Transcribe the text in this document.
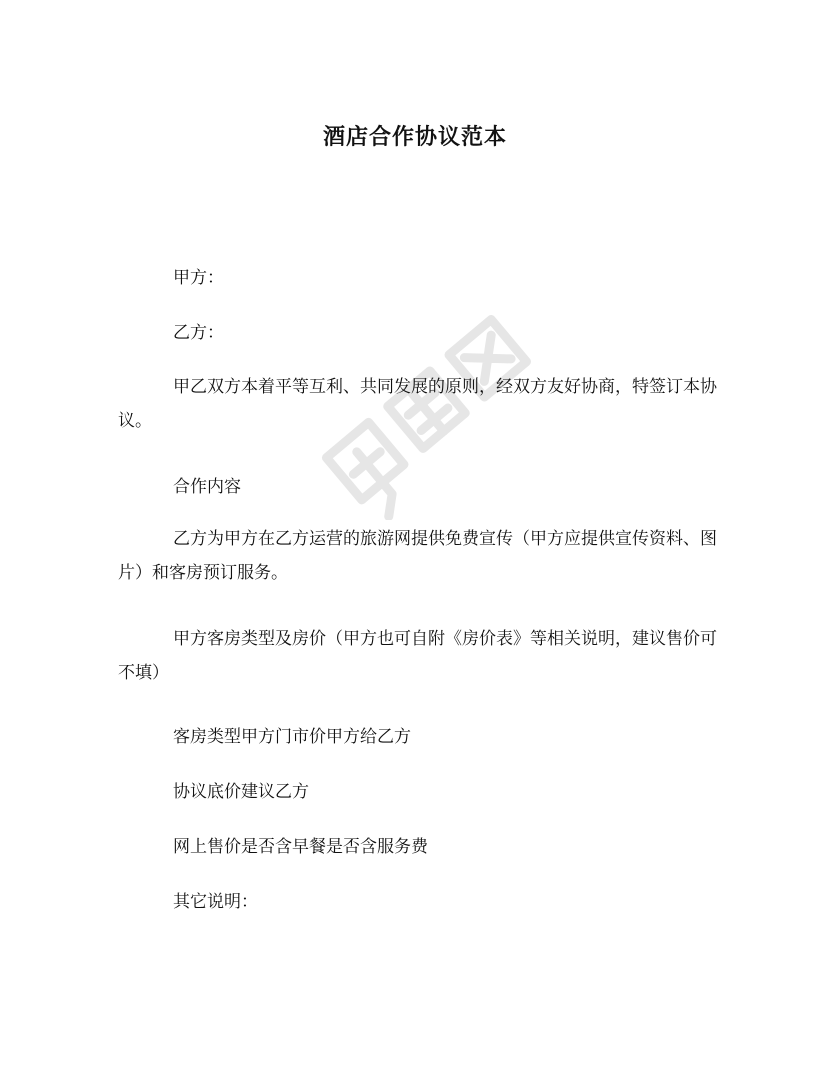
酒店合作协议范本
甲方：
乙方：
甲乙双方本着平等互利、共同发展的原则，经双方友好协商，特签订本协议。
合作内容
乙方为甲方在乙方运营的旅游网提供免费宣传（甲方应提供宣传资料、图片）和客房预订服务。
甲方客房类型及房价（甲方也可自附《房价表》等相关说明，建议售价可不填）
客房类型甲方门市价甲方给乙方
协议底价建议乙方
网上售价是否含早餐是否含服务费
其它说明：
